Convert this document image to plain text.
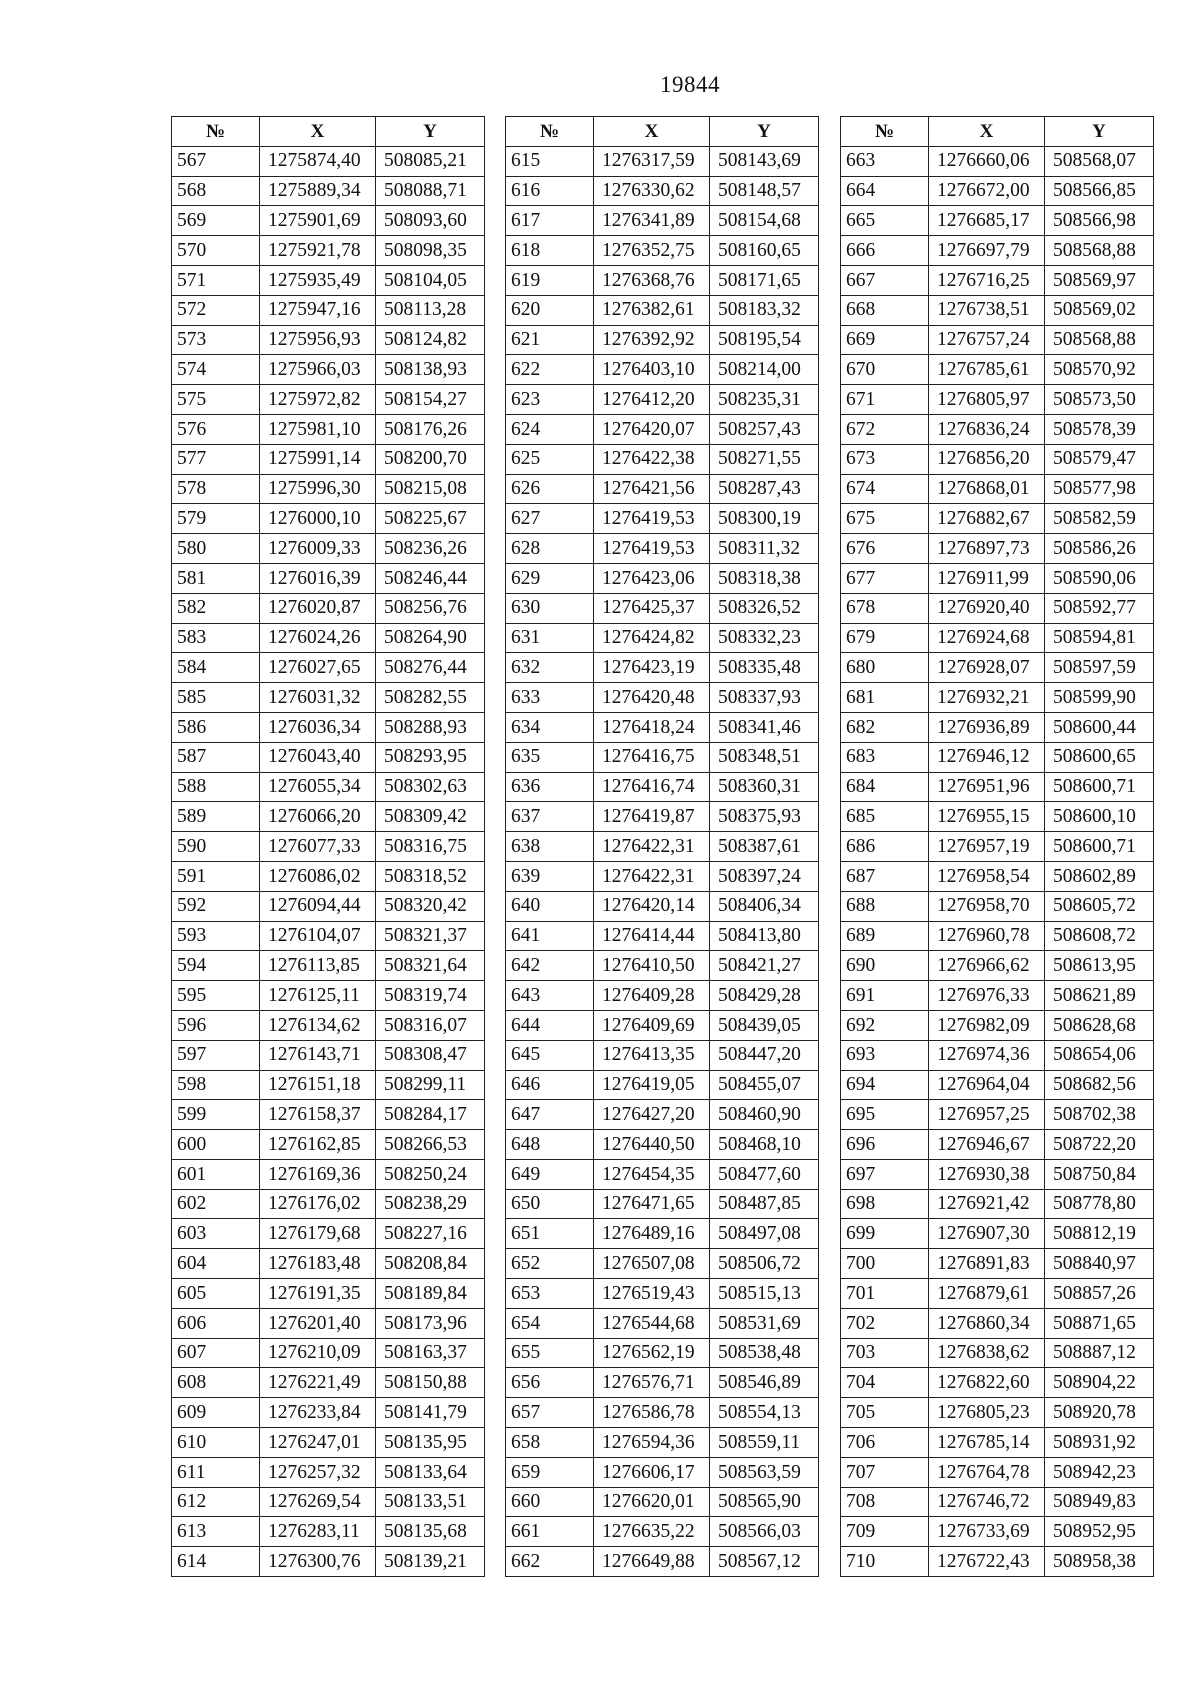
19844
№	X	Y
567	1275874,40	508085,21
568	1275889,34	508088,71
569	1275901,69	508093,60
570	1275921,78	508098,35
571	1275935,49	508104,05
572	1275947,16	508113,28
573	1275956,93	508124,82
574	1275966,03	508138,93
575	1275972,82	508154,27
576	1275981,10	508176,26
577	1275991,14	508200,70
578	1275996,30	508215,08
579	1276000,10	508225,67
580	1276009,33	508236,26
581	1276016,39	508246,44
582	1276020,87	508256,76
583	1276024,26	508264,90
584	1276027,65	508276,44
585	1276031,32	508282,55
586	1276036,34	508288,93
587	1276043,40	508293,95
588	1276055,34	508302,63
589	1276066,20	508309,42
590	1276077,33	508316,75
591	1276086,02	508318,52
592	1276094,44	508320,42
593	1276104,07	508321,37
594	1276113,85	508321,64
595	1276125,11	508319,74
596	1276134,62	508316,07
597	1276143,71	508308,47
598	1276151,18	508299,11
599	1276158,37	508284,17
600	1276162,85	508266,53
601	1276169,36	508250,24
602	1276176,02	508238,29
603	1276179,68	508227,16
604	1276183,48	508208,84
605	1276191,35	508189,84
606	1276201,40	508173,96
607	1276210,09	508163,37
608	1276221,49	508150,88
609	1276233,84	508141,79
610	1276247,01	508135,95
611	1276257,32	508133,64
612	1276269,54	508133,51
613	1276283,11	508135,68
614	1276300,76	508139,21
№	X	Y
615	1276317,59	508143,69
616	1276330,62	508148,57
617	1276341,89	508154,68
618	1276352,75	508160,65
619	1276368,76	508171,65
620	1276382,61	508183,32
621	1276392,92	508195,54
622	1276403,10	508214,00
623	1276412,20	508235,31
624	1276420,07	508257,43
625	1276422,38	508271,55
626	1276421,56	508287,43
627	1276419,53	508300,19
628	1276419,53	508311,32
629	1276423,06	508318,38
630	1276425,37	508326,52
631	1276424,82	508332,23
632	1276423,19	508335,48
633	1276420,48	508337,93
634	1276418,24	508341,46
635	1276416,75	508348,51
636	1276416,74	508360,31
637	1276419,87	508375,93
638	1276422,31	508387,61
639	1276422,31	508397,24
640	1276420,14	508406,34
641	1276414,44	508413,80
642	1276410,50	508421,27
643	1276409,28	508429,28
644	1276409,69	508439,05
645	1276413,35	508447,20
646	1276419,05	508455,07
647	1276427,20	508460,90
648	1276440,50	508468,10
649	1276454,35	508477,60
650	1276471,65	508487,85
651	1276489,16	508497,08
652	1276507,08	508506,72
653	1276519,43	508515,13
654	1276544,68	508531,69
655	1276562,19	508538,48
656	1276576,71	508546,89
657	1276586,78	508554,13
658	1276594,36	508559,11
659	1276606,17	508563,59
660	1276620,01	508565,90
661	1276635,22	508566,03
662	1276649,88	508567,12
№	X	Y
663	1276660,06	508568,07
664	1276672,00	508566,85
665	1276685,17	508566,98
666	1276697,79	508568,88
667	1276716,25	508569,97
668	1276738,51	508569,02
669	1276757,24	508568,88
670	1276785,61	508570,92
671	1276805,97	508573,50
672	1276836,24	508578,39
673	1276856,20	508579,47
674	1276868,01	508577,98
675	1276882,67	508582,59
676	1276897,73	508586,26
677	1276911,99	508590,06
678	1276920,40	508592,77
679	1276924,68	508594,81
680	1276928,07	508597,59
681	1276932,21	508599,90
682	1276936,89	508600,44
683	1276946,12	508600,65
684	1276951,96	508600,71
685	1276955,15	508600,10
686	1276957,19	508600,71
687	1276958,54	508602,89
688	1276958,70	508605,72
689	1276960,78	508608,72
690	1276966,62	508613,95
691	1276976,33	508621,89
692	1276982,09	508628,68
693	1276974,36	508654,06
694	1276964,04	508682,56
695	1276957,25	508702,38
696	1276946,67	508722,20
697	1276930,38	508750,84
698	1276921,42	508778,80
699	1276907,30	508812,19
700	1276891,83	508840,97
701	1276879,61	508857,26
702	1276860,34	508871,65
703	1276838,62	508887,12
704	1276822,60	508904,22
705	1276805,23	508920,78
706	1276785,14	508931,92
707	1276764,78	508942,23
708	1276746,72	508949,83
709	1276733,69	508952,95
710	1276722,43	508958,38
